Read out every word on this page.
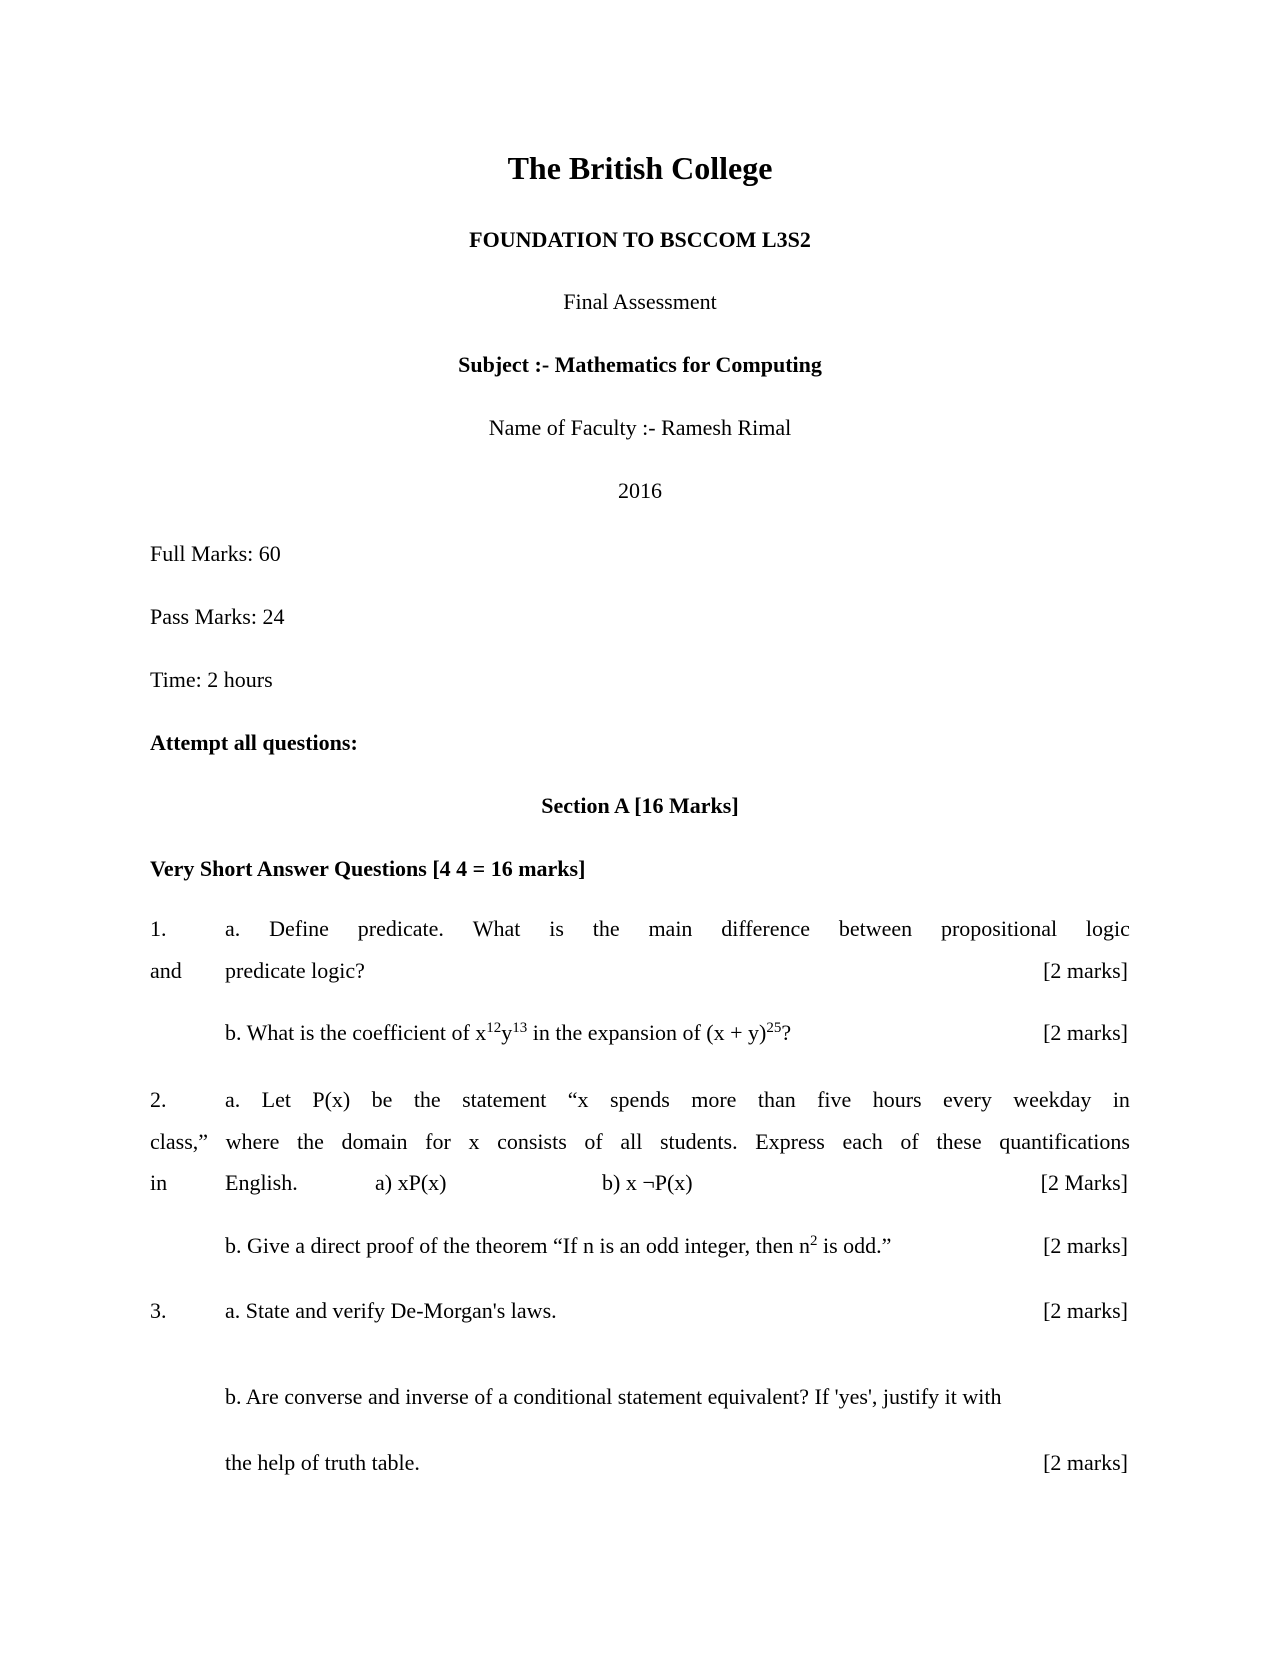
The British College
FOUNDATION TO BSCCOM L3S2
Final Assessment
Subject :- Mathematics for Computing
Name of Faculty :- Ramesh Rimal
2016
Full Marks: 60
Pass Marks: 24
Time: 2 hours
Attempt all questions:
Section A [16 Marks]
Very Short Answer Questions [4 4 = 16 marks]
1.	a. Define predicate. What is the main difference between propositional logic
and predicate logic?	[2 marks]
b. What is the coefficient of $x^{12}y^{13}$ in the expansion of $(x + y)^{25}$?	[2 marks]
2.	a. Let P(x) be the statement “x spends more than five hours every weekday in
class,” where the domain for x consists of all students. Express each of these quantifications
in	English.	a) xP(x)	b) x ¬P(x)	[2 Marks]
b. Give a direct proof of the theorem “If n is an odd integer, then $n^2$ is odd.”	[2 marks]
3.	a. State and verify De-Morgan's laws.	[2 marks]
b. Are converse and inverse of a conditional statement equivalent? If 'yes', justify it with
the help of truth table.	[2 marks]
